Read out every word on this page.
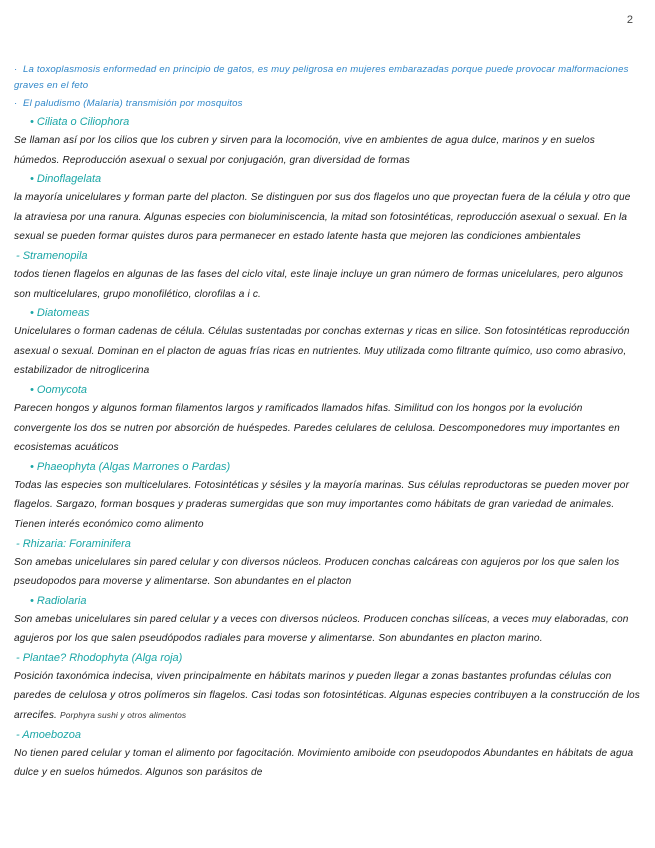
2
· La toxoplasmosis enformedad en principio de gatos, es muy peligrosa en mujeres embarazadas porque puede provocar malformaciones graves en el feto
· El paludismo (Malaria) transmisión por mosquitos
• Ciliata o Ciliophora

Se llaman así por los cilios que los cubren y sirven para la locomoción, vive en ambientes de agua dulce, marinos y en suelos húmedos. Reproducción asexual o sexual por conjugación, gran diversidad de formas

• Dinoflagelata

la mayoría unicelulares y forman parte del placton. Se distinguen por sus dos flagelos uno que proyectan fuera de la célula y otro que la atraviesa por una ranura. Algunas especies con bioluminiscencia, la mitad son fotosintéticas, reproducción asexual o sexual. En la sexual se pueden formar quistes duros para permanecer en estado latente hasta que mejoren las condiciones ambientales

- Stramenopila

todos tienen flagelos en algunas de las fases del ciclo vital, este linaje incluye un gran número de formas unicelulares, pero algunos son multicelulares, grupo monofilético, clorofilas a i c.

• Diatomeas

Unicelulares o forman cadenas de célula. Células sustentadas por conchas externas y ricas en silice. Son fotosintéticas reproducción asexual o sexual. Dominan en el placton de aguas frías ricas en nutrientes. Muy utilizada como filtrante químico, uso como abrasivo, estabilizador de nitroglicerina

• Oomycota

Parecen hongos y algunos forman filamentos largos y ramificados llamados hifas. Similitud con los hongos por la evolución convergente los dos se nutren por absorción de huéspedes. Paredes celulares de celulosa. Descomponedores muy importantes en ecosistemas acuáticos

• Phaeophyta (Algas Marrones o Pardas)

Todas las especies son multicelulares. Fotosintéticas y sésiles y la mayoría marinas. Sus células reproductoras se pueden mover por flagelos. Sargazo, forman bosques y praderas sumergidas que son muy importantes como hábitats de gran variedad de animales. Tienen interés económico como alimento

- Rhizaria: Foraminifera

Son amebas unicelulares sin pared celular y con diversos núcleos. Producen conchas calcáreas con agujeros por los que salen los pseudopodos para moverse y alimentarse. Son abundantes en el placton

• Radiolaria

Son amebas unicelulares sin pared celular y a veces con diversos núcleos. Producen conchas silíceas, a veces muy elaboradas, con agujeros por los que salen pseudópodos radiales para moverse y alimentarse. Son abundantes en placton marino.

- Plantae? Rhodophyta (Alga roja)

Posición taxonómica indecisa, viven principalmente en hábitats marinos y pueden llegar a zonas bastantes profundas células con paredes de celulosa y otros polímeros sin flagelos. Casi todas son fotosintéticas. Algunas especies contribuyen a la construcción de los arrecifes. Porphyra sushi y otros alimentos

- Amoebozoa

No tienen pared celular y toman el alimento por fagocitación. Movimiento amiboide con pseudopodos Abundantes en hábitats de agua dulce y en suelos húmedos. Algunos son parásitos de
